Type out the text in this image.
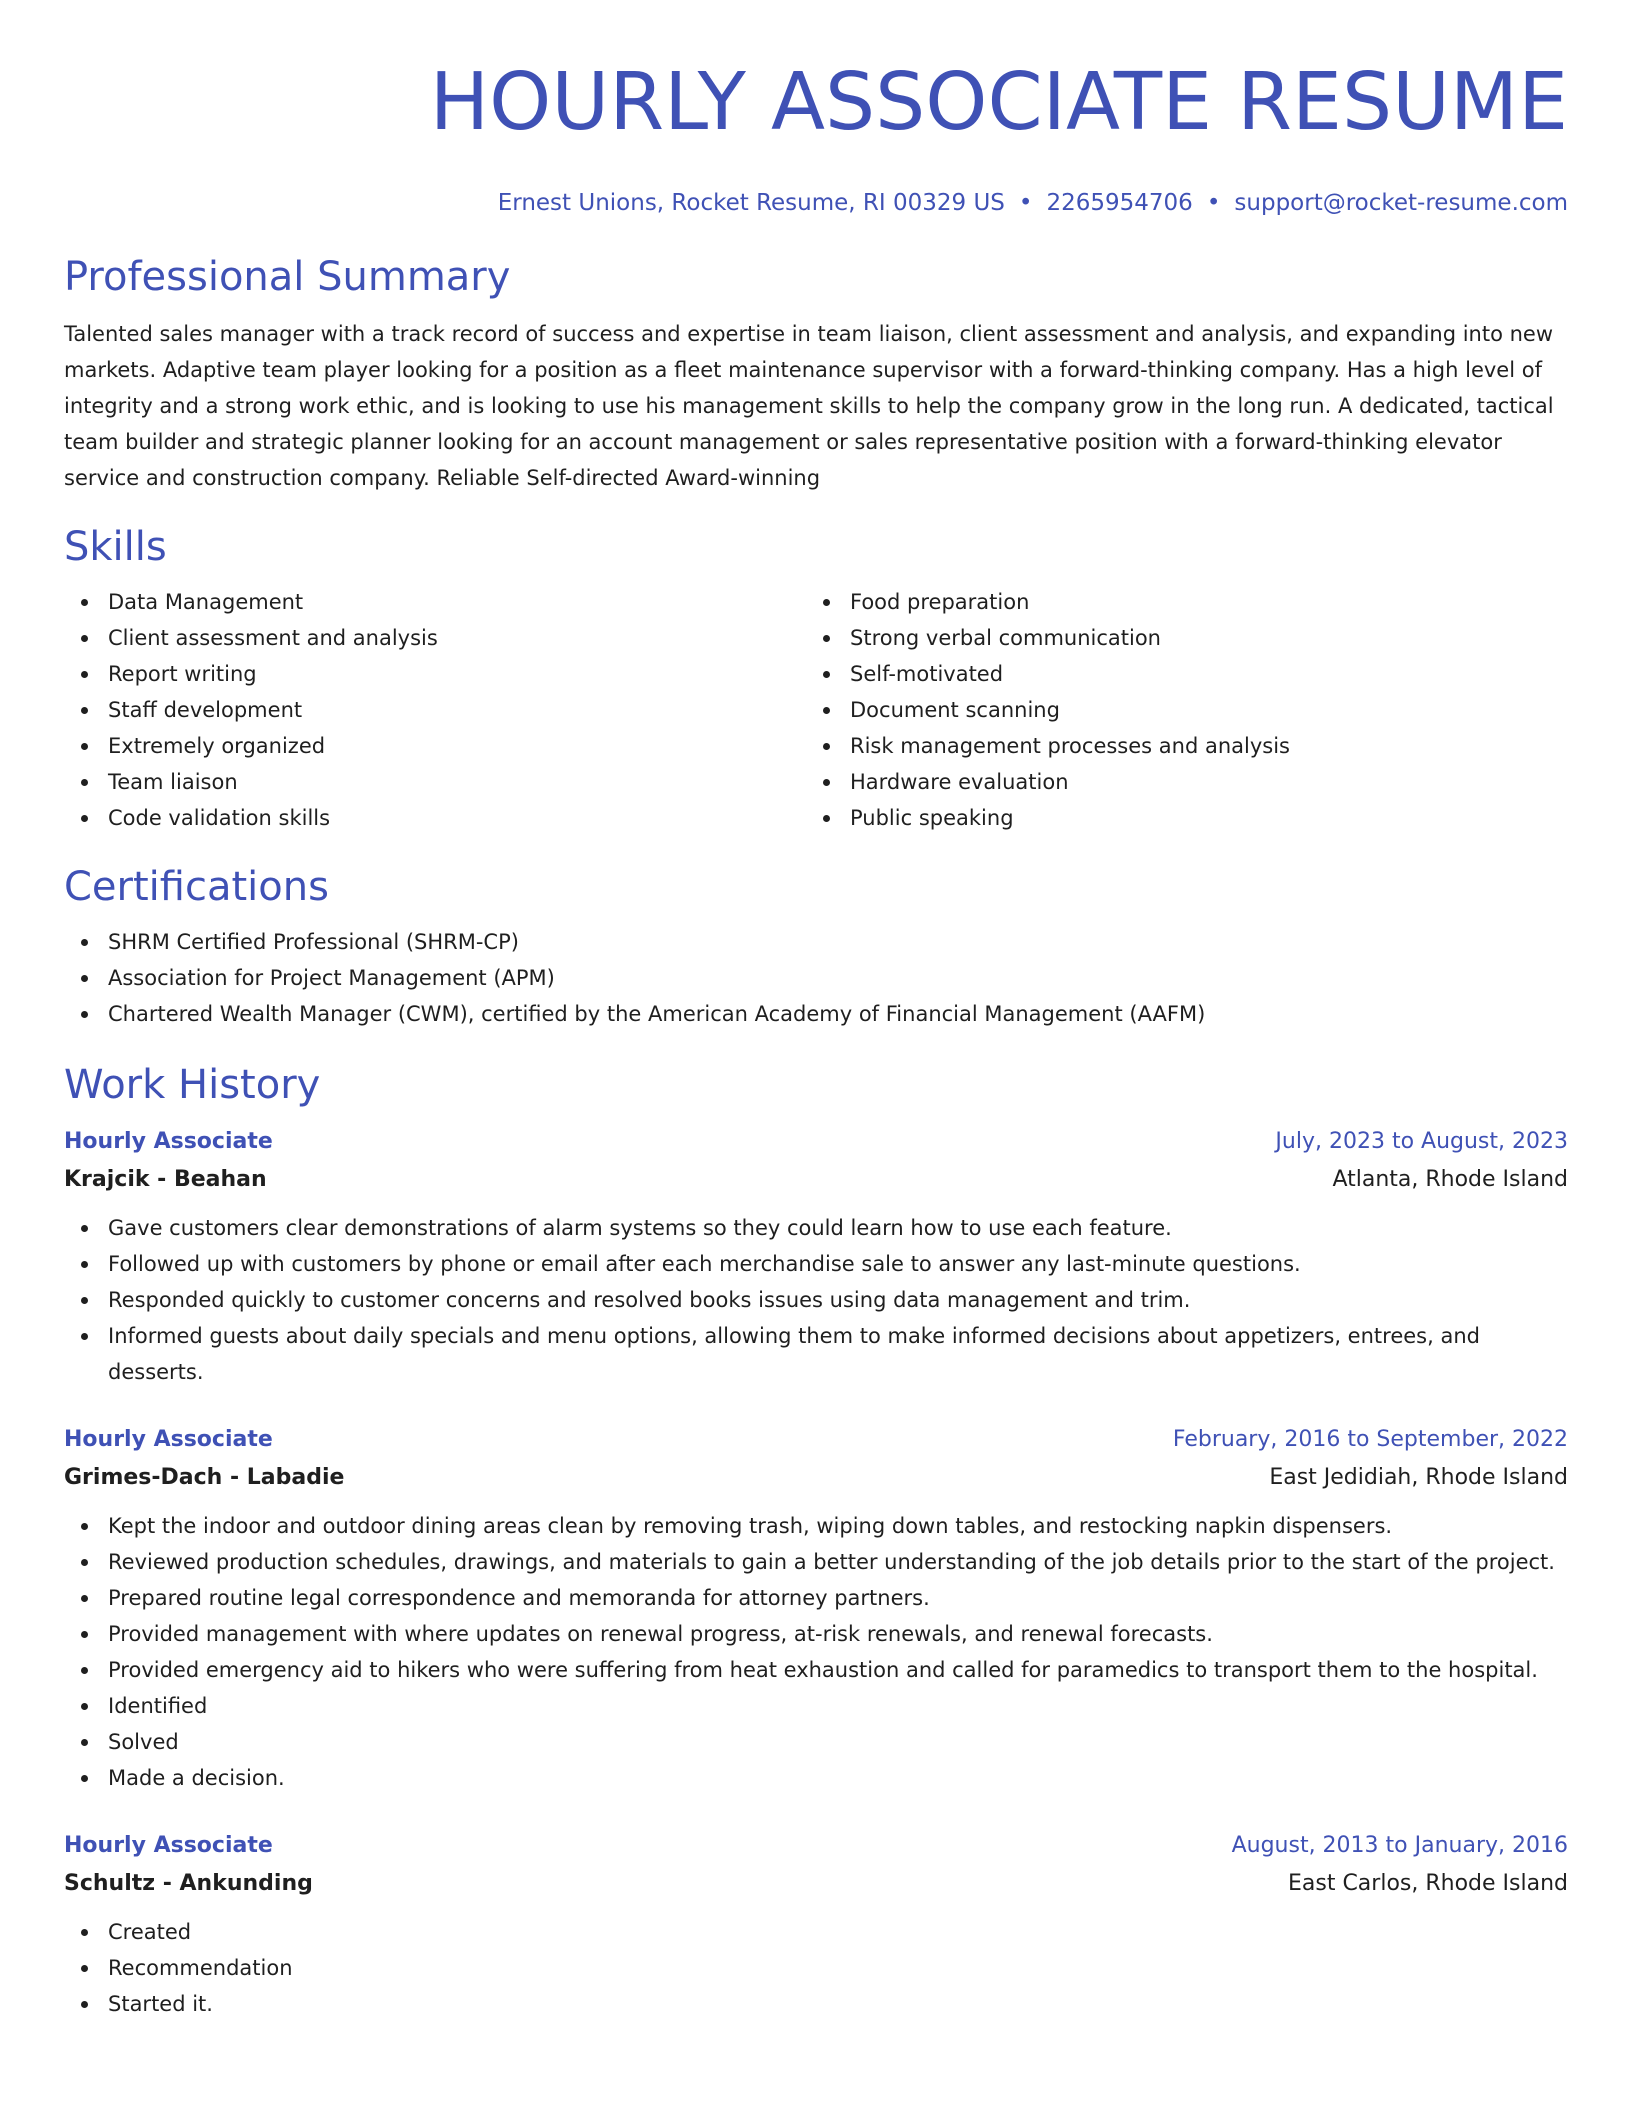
HOURLY ASSOCIATE RESUME
Ernest Unions, Rocket Resume, RI 00329 US • 2265954706 • support@rocket-resume.com
Professional Summary

Talented sales manager with a track record of success and expertise in team liaison, client assessment and analysis, and expanding into new markets. Adaptive team player looking for a position as a fleet maintenance supervisor with a forward-thinking company. Has a high level of integrity and a strong work ethic, and is looking to use his management skills to help the company grow in the long run. A dedicated, tactical team builder and strategic planner looking for an account management or sales representative position with a forward-thinking elevator service and construction company. Reliable Self-directed Award-winning

Skills
Data Management
Client assessment and analysis
Report writing
Staff development
Extremely organized
Team liaison
Code validation skills
Food preparation
Strong verbal communication
Self-motivated
Document scanning
Risk management processes and analysis
Hardware evaluation
Public speaking
Certifications
SHRM Certified Professional (SHRM-CP)
Association for Project Management (APM)
Chartered Wealth Manager (CWM), certified by the American Academy of Financial Management (AAFM)
Work History
Hourly Associate	July, 2023 to August, 2023
Krajcik - Beahan	Atlanta, Rhode Island
Gave customers clear demonstrations of alarm systems so they could learn how to use each feature.
Followed up with customers by phone or email after each merchandise sale to answer any last-minute questions.
Responded quickly to customer concerns and resolved books issues using data management and trim.
Informed guests about daily specials and menu options, allowing them to make informed decisions about appetizers, entrees, and desserts.
Hourly Associate	February, 2016 to September, 2022
Grimes-Dach - Labadie	East Jedidiah, Rhode Island
Kept the indoor and outdoor dining areas clean by removing trash, wiping down tables, and restocking napkin dispensers.
Reviewed production schedules, drawings, and materials to gain a better understanding of the job details prior to the start of the project.
Prepared routine legal correspondence and memoranda for attorney partners.
Provided management with where updates on renewal progress, at-risk renewals, and renewal forecasts.
Provided emergency aid to hikers who were suffering from heat exhaustion and called for paramedics to transport them to the hospital.
Identified
Solved
Made a decision.
Hourly Associate	August, 2013 to January, 2016
Schultz - Ankunding	East Carlos, Rhode Island
Created
Recommendation
Started it.
